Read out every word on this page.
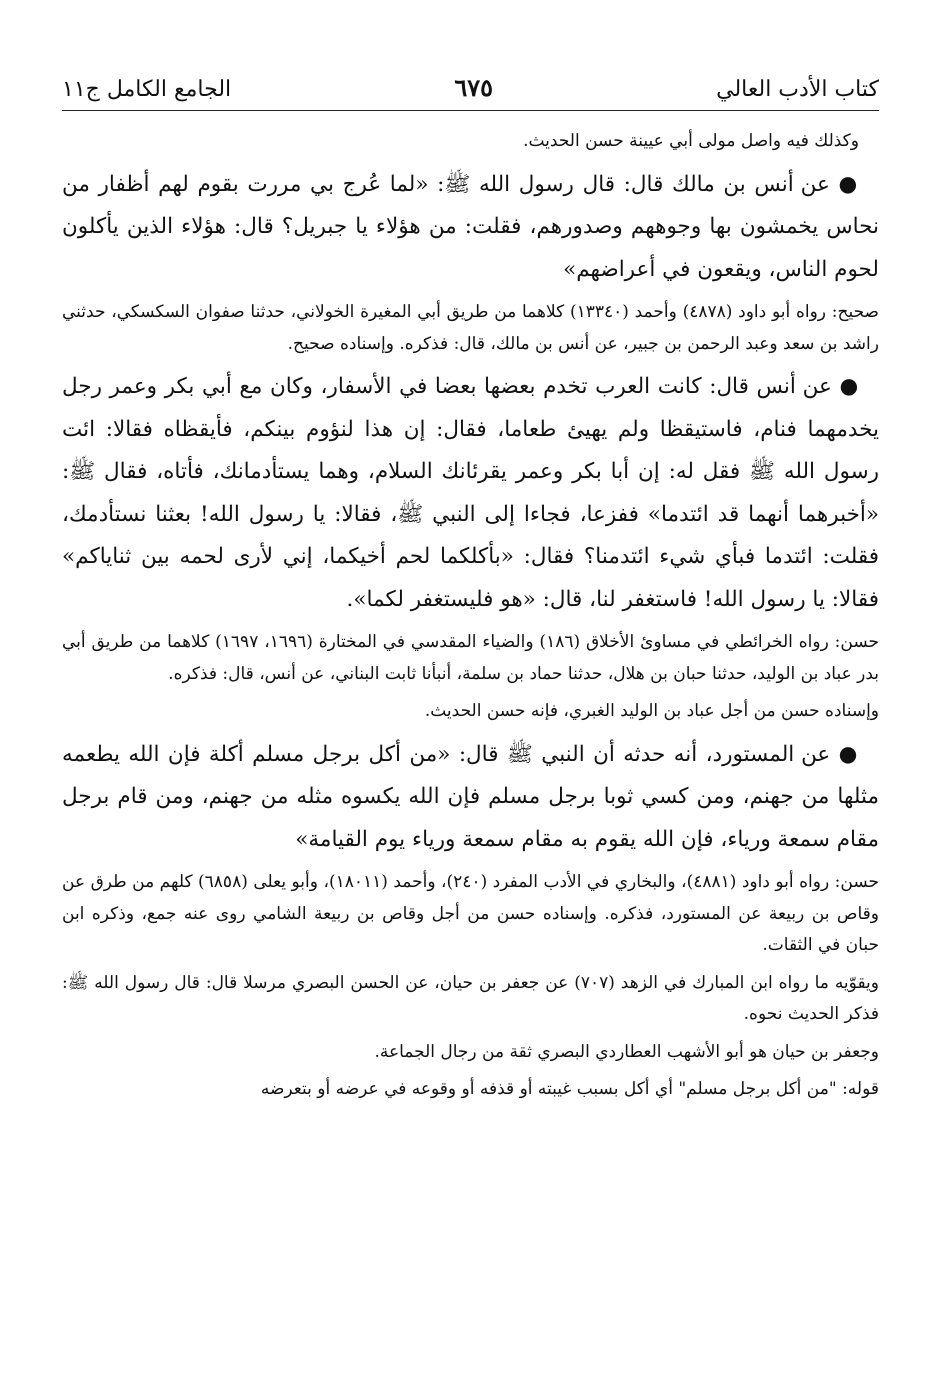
كتاب الأدب العالي
٦٧٥
الجامع الكامل ج١١

وكذلك فيه واصل مولى أبي عيينة حسن الحديث.

● عن أنس بن مالك قال: قال رسول الله ﷺ: «لما عُرج بي مررت بقوم لهم أظفار من نحاس يخمشون بها وجوههم وصدورهم، فقلت: من هؤلاء يا جبريل؟ قال: هؤلاء الذين يأكلون لحوم الناس، ويقعون في أعراضهم»

صحيح: رواه أبو داود (٤٨٧٨) وأحمد (١٣٣٤٠) كلاهما من طريق أبي المغيرة الخولاني، حدثنا صفوان السكسكي، حدثني راشد بن سعد وعبد الرحمن بن جبير، عن أنس بن مالك، قال: فذكره. وإسناده صحيح.

● عن أنس قال: كانت العرب تخدم بعضها بعضا في الأسفار، وكان مع أبي بكر وعمر رجل يخدمهما فنام، فاستيقظا ولم يهيئ طعاما، فقال: إن هذا لنؤوم بينكم، فأيقظاه فقالا: ائت رسول الله ﷺ فقل له: إن أبا بكر وعمر يقرئانك السلام، وهما يستأدمانك، فأتاه، فقال ﷺ: «أخبرهما أنهما قد ائتدما» ففزعا، فجاءا إلى النبي ﷺ، فقالا: يا رسول الله! بعثنا نستأدمك، فقلت: ائتدما فبأي شيء ائتدمنا؟ فقال: «بأكلكما لحم أخيكما، إني لأرى لحمه بين ثناياكم» فقالا: يا رسول الله! فاستغفر لنا، قال: «هو فليستغفر لكما».

حسن: رواه الخرائطي في مساوئ الأخلاق (١٨٦) والضياء المقدسي في المختارة (١٦٩٦، ١٦٩٧) كلاهما من طريق أبي بدر عباد بن الوليد، حدثنا حبان بن هلال، حدثنا حماد بن سلمة، أنبأنا ثابت البناني، عن أنس، قال: فذكره.

وإسناده حسن من أجل عباد بن الوليد الغبري، فإنه حسن الحديث.

● عن المستورد، أنه حدثه أن النبي ﷺ قال: «من أكل برجل مسلم أكلة فإن الله يطعمه مثلها من جهنم، ومن كسي ثوبا برجل مسلم فإن الله يكسوه مثله من جهنم، ومن قام برجل مقام سمعة ورياء، فإن الله يقوم به مقام سمعة ورياء يوم القيامة»

حسن: رواه أبو داود (٤٨٨١)، والبخاري في الأدب المفرد (٢٤٠)، وأحمد (١٨٠١١)، وأبو يعلى (٦٨٥٨) كلهم من طرق عن وقاص بن ربيعة عن المستورد، فذكره. وإسناده حسن من أجل وقاص بن ربيعة الشامي روى عنه جمع، وذكره ابن حبان في الثقات.

ويقوّيه ما رواه ابن المبارك في الزهد (٧٠٧) عن جعفر بن حيان، عن الحسن البصري مرسلا قال: قال رسول الله ﷺ: فذكر الحديث نحوه.

وجعفر بن حيان هو أبو الأشهب العطاردي البصري ثقة من رجال الجماعة.

قوله: "من أكل برجل مسلم" أي أكل بسبب غيبته أو قذفه أو وقوعه في عرضه أو بتعرضه
